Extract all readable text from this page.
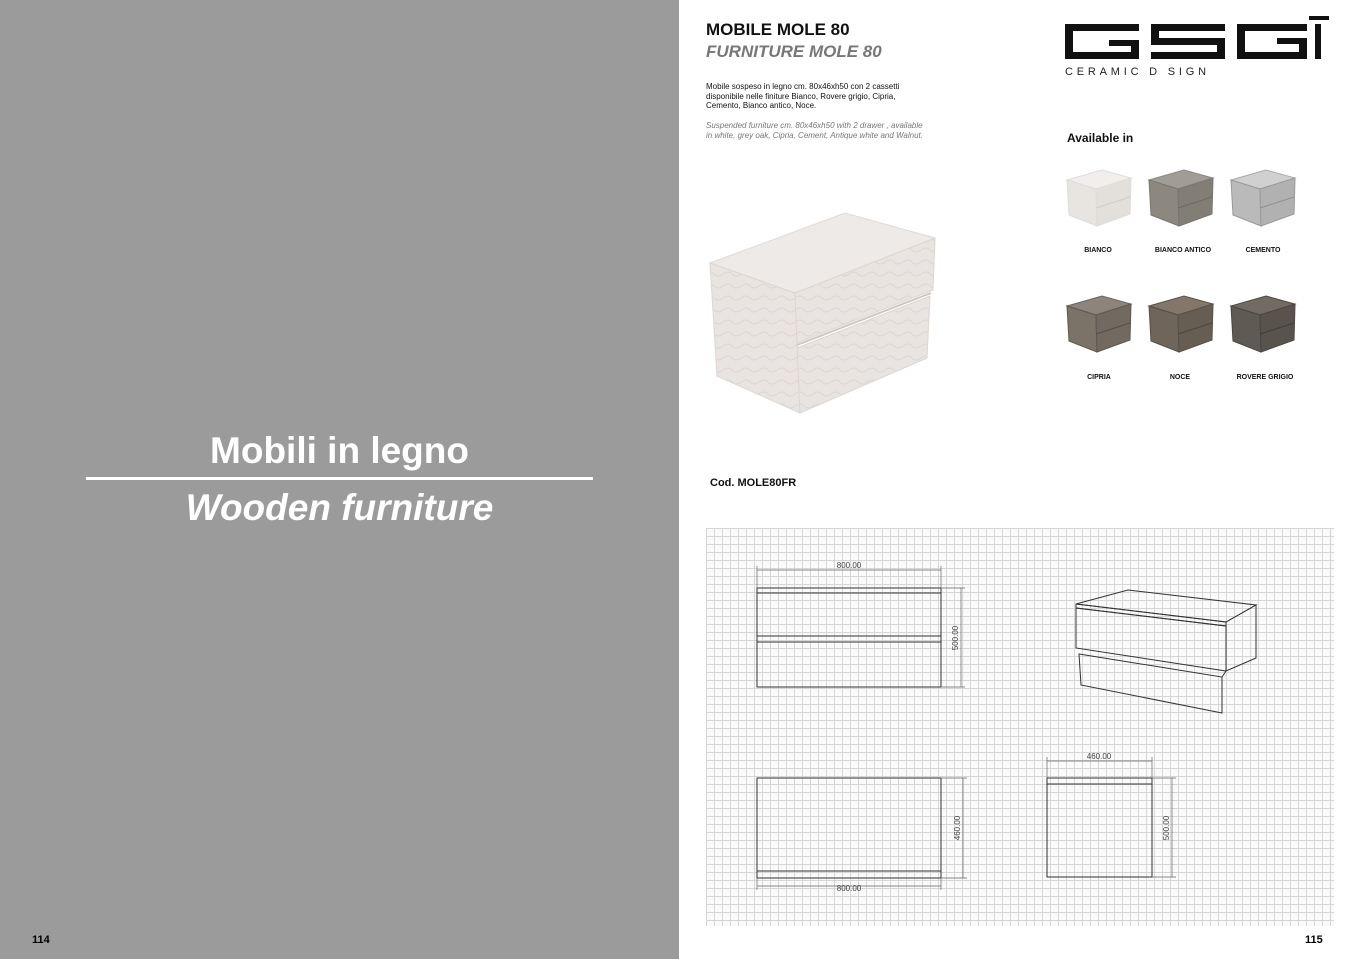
Mobili in legno
Wooden furniture
114
MOBILE MOLE 80
FURNITURE MOLE 80
Mobile sospeso in legno cm. 80x46xh50 con 2 cassetti disponibile nelle finiture Bianco, Rovere grigio, Cipria, Cemento, Bianco antico, Noce.
Suspended furniture cm. 80x46xh50 with 2 drawer , available in white, grey oak, Cipria, Cement, Antique white and Walnut.
CERAMIC D SIGN
Available in
BIANCO	BIANCO ANTICO	CEMENTO
CIPRIA	NOCE	ROVERE GRIGIO
Cod. MOLE80FR
800.00
500.00
460.00
800.00
460.00
500.00
115
